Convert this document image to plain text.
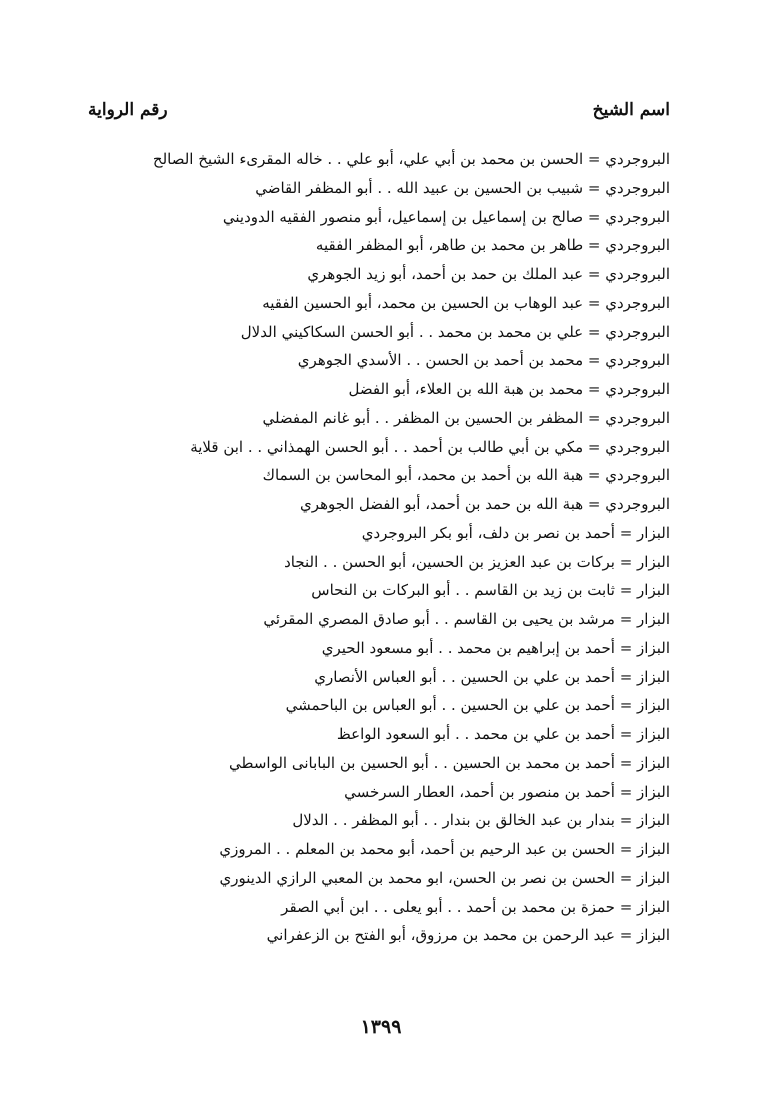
اسم الشيخ
رقم الرواية
البروجردي = الحسن بن محمد بن أبي علي، أبو علي . . خاله المقرىء الشيخ الصالح
البروجردي = شبيب بن الحسين بن عبيد الله . . أبو المظفر القاضي
البروجردي = صالح بن إسماعيل بن إسماعيل، أبو منصور الفقيه الدوديني
البروجردي = طاهر بن محمد بن طاهر، أبو المظفر الفقيه
البروجردي = عبد الملك بن حمد بن أحمد، أبو زيد الجوهري
البروجردي = عبد الوهاب بن الحسين بن محمد، أبو الحسين الفقيه
البروجردي = علي بن محمد بن محمد . . أبو الحسن السكاكيني الدلال
البروجردي = محمد بن أحمد بن الحسن . . الأسدي الجوهري
البروجردي = محمد بن هبة الله بن العلاء، أبو الفضل
البروجردي = المظفر بن الحسين بن المظفر . . أبو غانم المفضلي
البروجردي = مكي بن أبي طالب بن أحمد . . أبو الحسن الهمذاني . . ابن قلاية
البروجردي = هبة الله بن أحمد بن محمد، أبو المحاسن بن السماك
البروجردي = هبة الله بن حمد بن أحمد، أبو الفضل الجوهري
البزار = أحمد بن نصر بن دلف، أبو بكر البروجردي
البزار = بركات بن عبد العزيز بن الحسين، أبو الحسن . . النجاد
البزار = ثابت بن زيد بن القاسم . . أبو البركات بن النحاس
البزار = مرشد بن يحيى بن القاسم . . أبو صادق المصري المقرئي
البزاز = أحمد بن إبراهيم بن محمد . . أبو مسعود الحيري
البزاز = أحمد بن علي بن الحسين . . أبو العباس الأنصاري
البزاز = أحمد بن علي بن الحسين . . أبو العباس بن الباحمشي
البزاز = أحمد بن علي بن محمد . . أبو السعود الواعظ
البزاز = أحمد بن محمد بن الحسين . . أبو الحسين بن البابانى الواسطي
البزاز = أحمد بن منصور بن أحمد، العطار السرخسي
البزاز = بندار بن عبد الخالق بن بندار . . أبو المظفر . . الدلال
البزاز = الحسن بن عبد الرحيم بن أحمد، أبو محمد بن المعلم . . المروزي
البزاز = الحسن بن نصر بن الحسن، ابو محمد بن المعبي الرازي الدينوري
البزاز = حمزة بن محمد بن أحمد . . أبو يعلى . . ابن أبي الصقر
البزاز = عبد الرحمن بن محمد بن مرزوق، أبو الفتح بن الزعفراني
١٣٩٩
